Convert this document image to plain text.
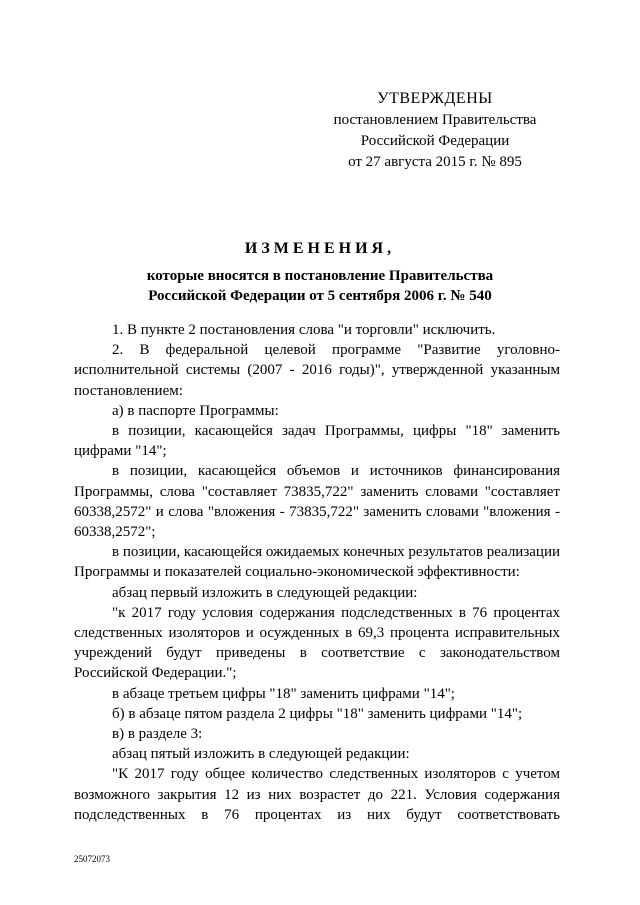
УТВЕРЖДЕНЫ
постановлением Правительства
Российской Федерации
от 27 августа 2015 г. № 895
ИЗМЕНЕНИЯ,
которые вносятся в постановление Правительства
Российской Федерации от 5 сентября 2006 г. № 540

1. В пункте 2 постановления слова "и торговли" исключить.

2. В федеральной целевой программе "Развитие уголовно-исполнительной системы (2007 - 2016 годы)", утвержденной указанным постановлением:

а) в паспорте Программы:

в позиции, касающейся задач Программы, цифры "18" заменить цифрами "14";

в позиции, касающейся объемов и источников финансирования Программы, слова "составляет 73835,722" заменить словами "составляет 60338,2572" и слова "вложения - 73835,722" заменить словами "вложения - 60338,2572";

в позиции, касающейся ожидаемых конечных результатов реализации Программы и показателей социально-экономической эффективности:

абзац первый изложить в следующей редакции:

"к 2017 году условия содержания подследственных в 76 процентах следственных изоляторов и осужденных в 69,3 процента исправительных учреждений будут приведены в соответствие с законодательством Российской Федерации.";

в абзаце третьем цифры "18" заменить цифрами "14";

б) в абзаце пятом раздела 2 цифры "18" заменить цифрами "14";

в) в разделе 3:

абзац пятый изложить в следующей редакции:

"К 2017 году общее количество следственных изоляторов с учетом возможного закрытия 12 из них возрастет до 221. Условия содержания подследственных в 76 процентах из них будут соответствовать

25072073
